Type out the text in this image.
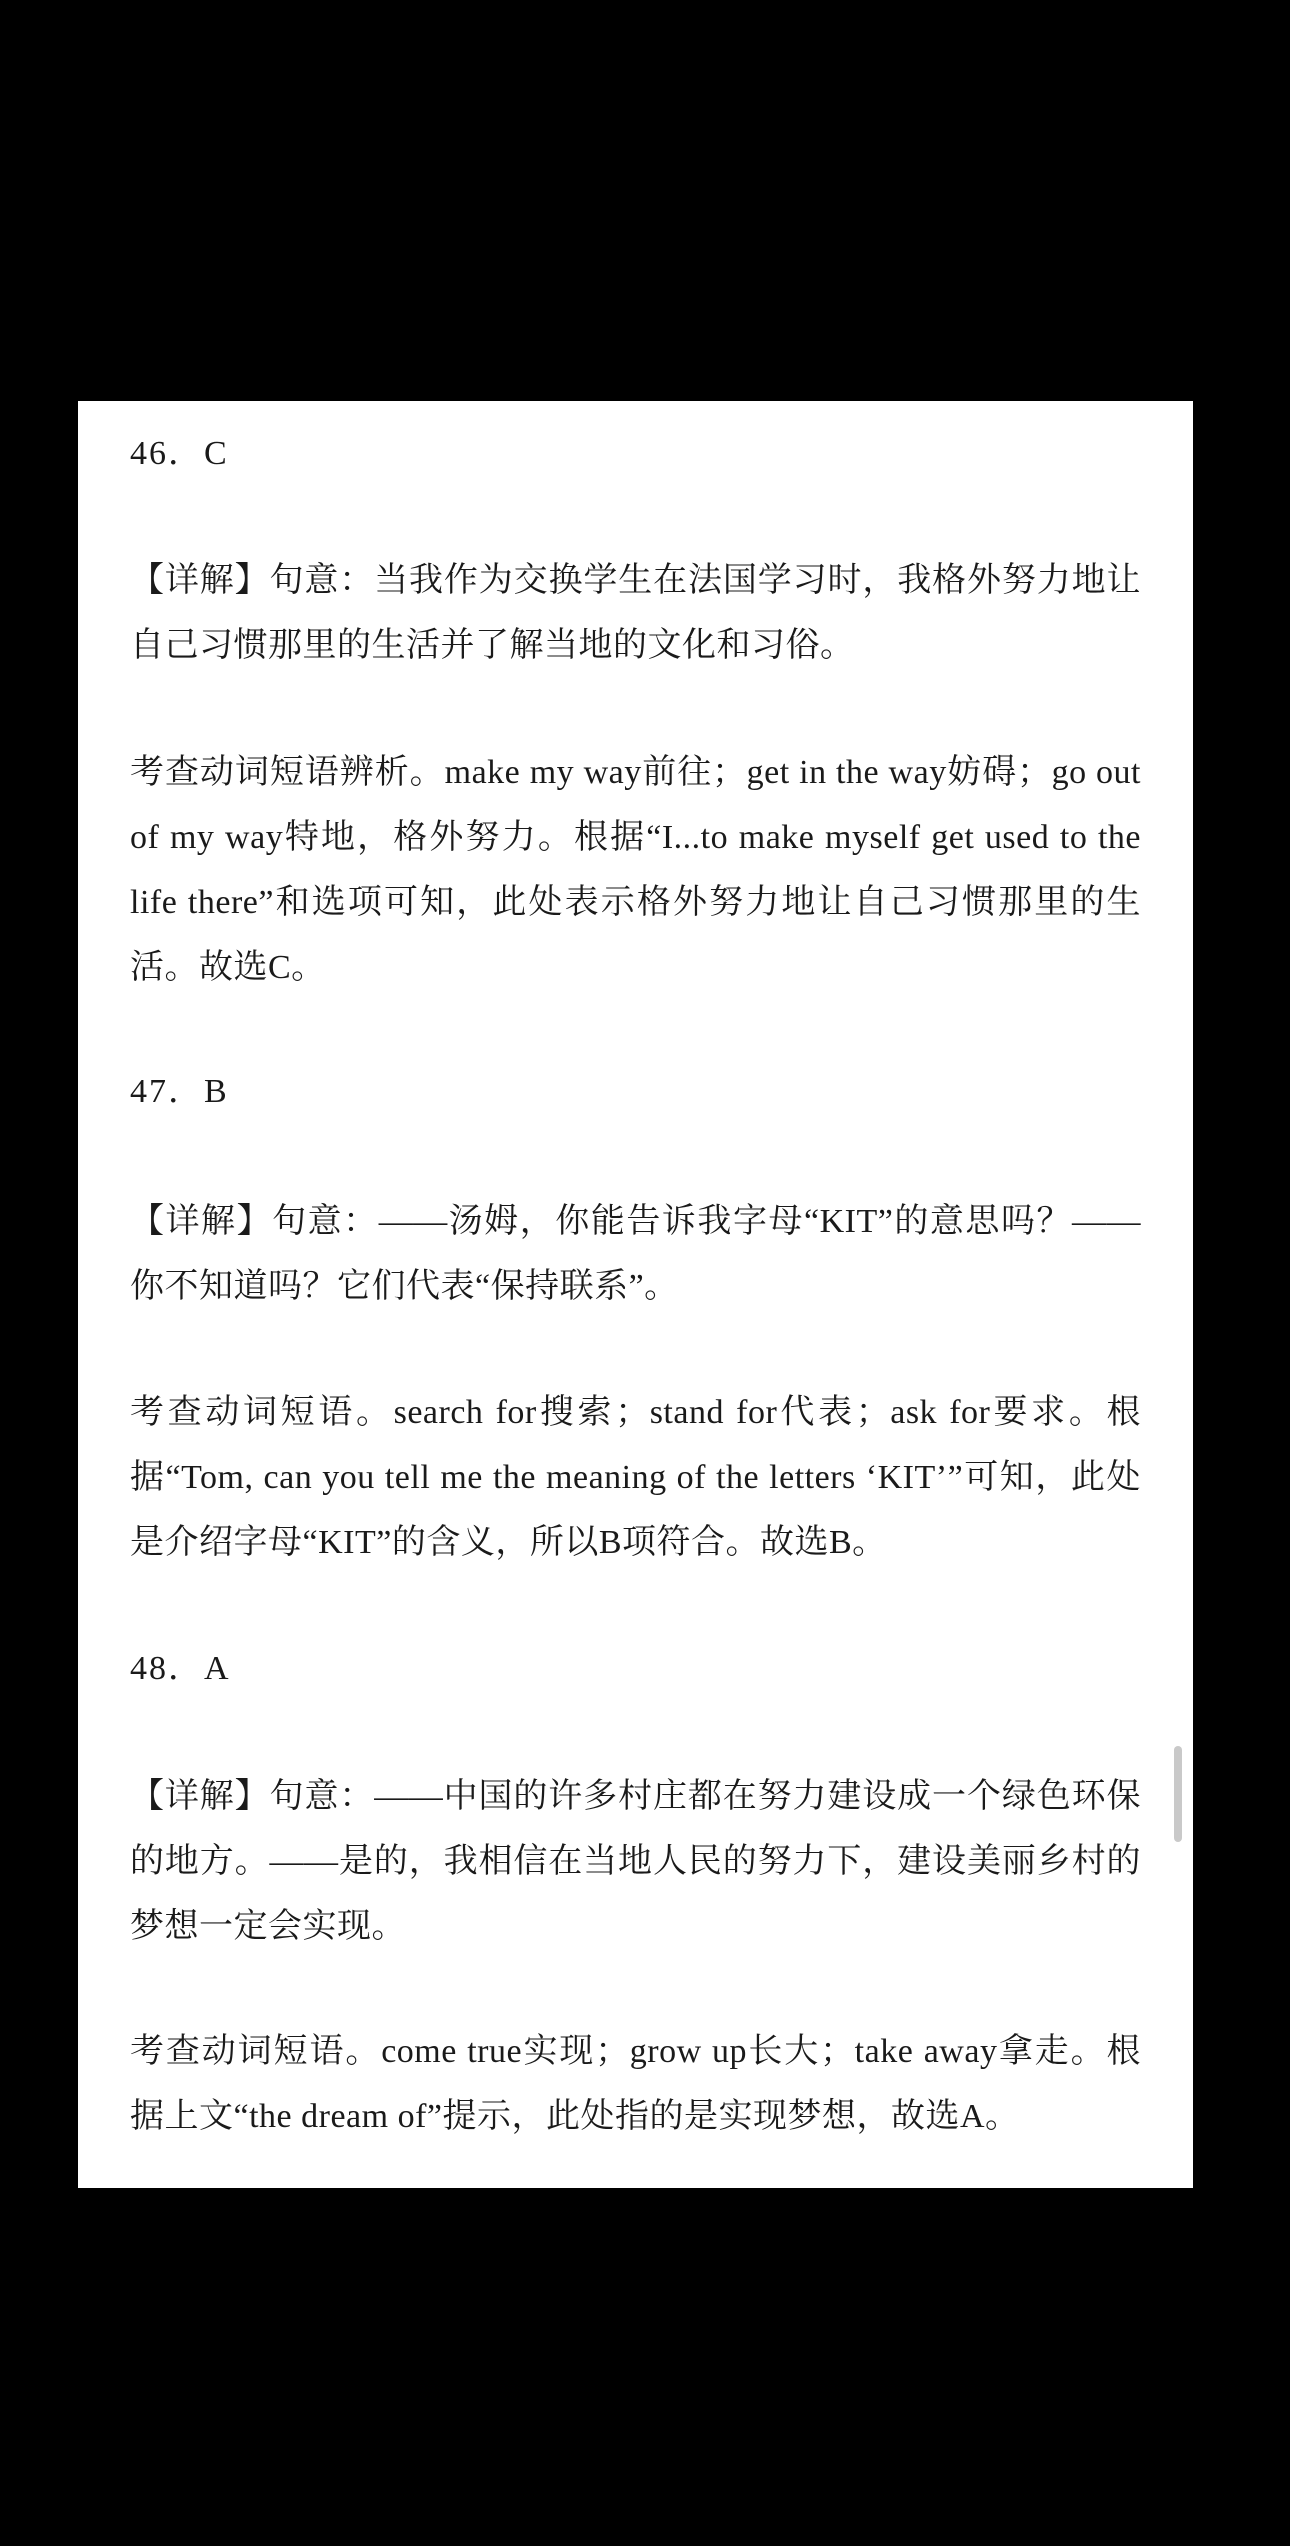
46．C

【详解】句意：当我作为交换学生在法国学习时，我格外努力地让自己习惯那里的生活并了解当地的文化和习俗。

考查动词短语辨析。make my way前往；get in the way妨碍；go out of my way特地，格外努力。根据“I...to make myself get used to the life there”和选项可知，此处表示格外努力地让自己习惯那里的生活。故选C。

47．B

【详解】句意：——汤姆，你能告诉我字母“KIT”的意思吗？——你不知道吗？它们代表“保持联系”。

考查动词短语。search for搜索；stand for代表；ask for要求。根据“Tom, can you tell me the meaning of the letters ‘KIT’”可知，此处是介绍字母“KIT”的含义，所以B项符合。故选B。

48．A

【详解】句意：——中国的许多村庄都在努力建设成一个绿色环保的地方。——是的，我相信在当地人民的努力下，建设美丽乡村的梦想一定会实现。

考查动词短语。come true实现；grow up长大；take away拿走。根据上文“the dream of”提示，此处指的是实现梦想，故选A。
